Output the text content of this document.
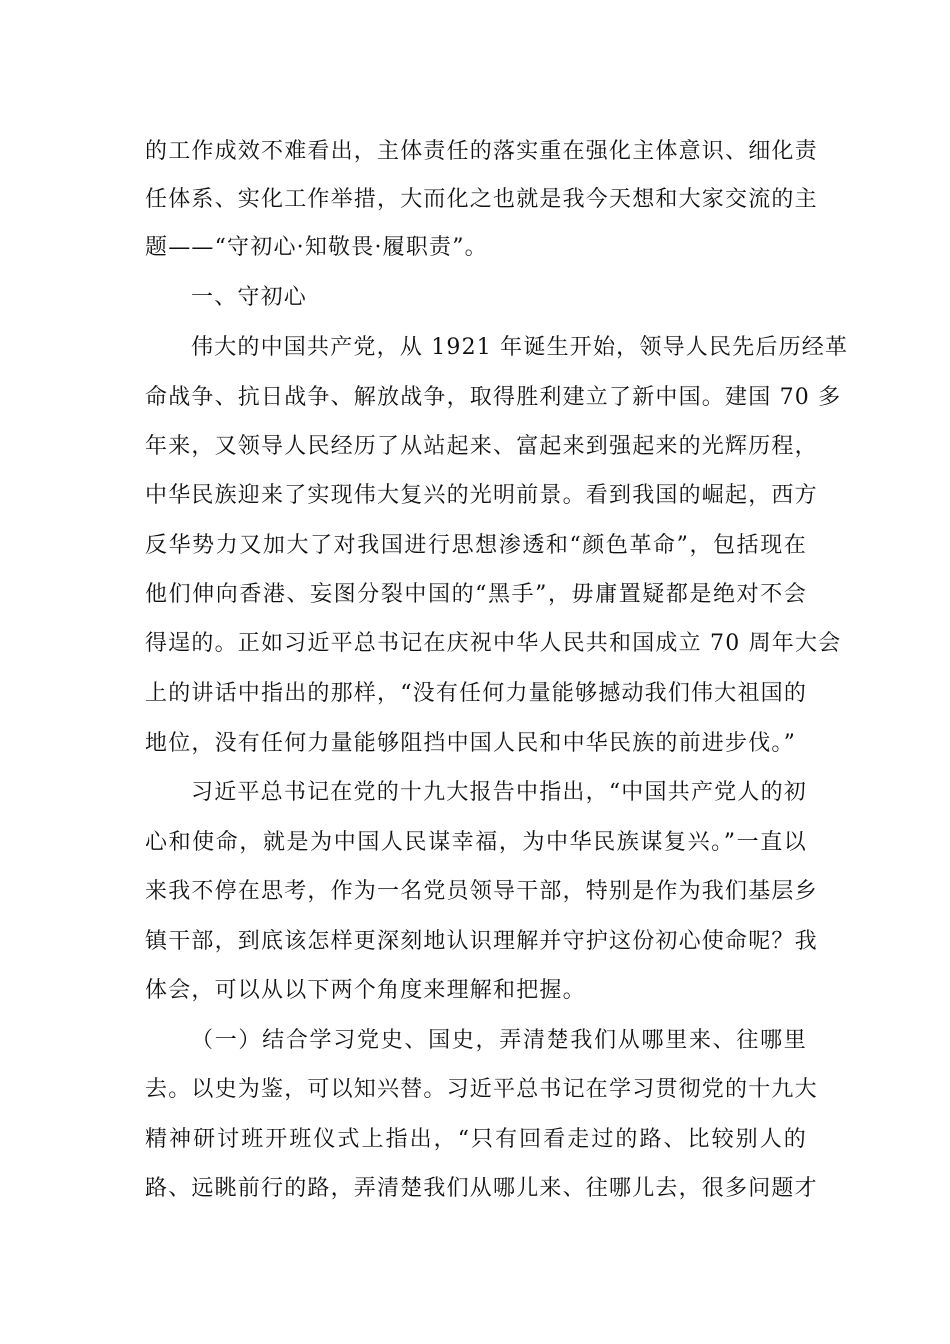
的工作成效不难看出，主体责任的落实重在强化主体意识、细化责
任体系、实化工作举措，大而化之也就是我今天想和大家交流的主
题——“守初心·知敬畏·履职责”。
一、守初心
伟大的中国共产党，从 1921 年诞生开始，领导人民先后历经革
命战争、抗日战争、解放战争，取得胜利建立了新中国。建国 70 多
年来，又领导人民经历了从站起来、富起来到强起来的光辉历程，
中华民族迎来了实现伟大复兴的光明前景。看到我国的崛起，西方
反华势力又加大了对我国进行思想渗透和“颜色革命”，包括现在
他们伸向香港、妄图分裂中国的“黑手”，毋庸置疑都是绝对不会
得逞的。正如习近平总书记在庆祝中华人民共和国成立 70 周年大会
上的讲话中指出的那样，“没有任何力量能够撼动我们伟大祖国的
地位，没有任何力量能够阻挡中国人民和中华民族的前进步伐。”
习近平总书记在党的十九大报告中指出，“中国共产党人的初
心和使命，就是为中国人民谋幸福，为中华民族谋复兴。”一直以
来我不停在思考，作为一名党员领导干部，特别是作为我们基层乡
镇干部，到底该怎样更深刻地认识理解并守护这份初心使命呢？我
体会，可以从以下两个角度来理解和把握。
（一）结合学习党史、国史，弄清楚我们从哪里来、往哪里
去。以史为鉴，可以知兴替。习近平总书记在学习贯彻党的十九大
精神研讨班开班仪式上指出，“只有回看走过的路、比较别人的
路、远眺前行的路，弄清楚我们从哪儿来、往哪儿去，很多问题才
